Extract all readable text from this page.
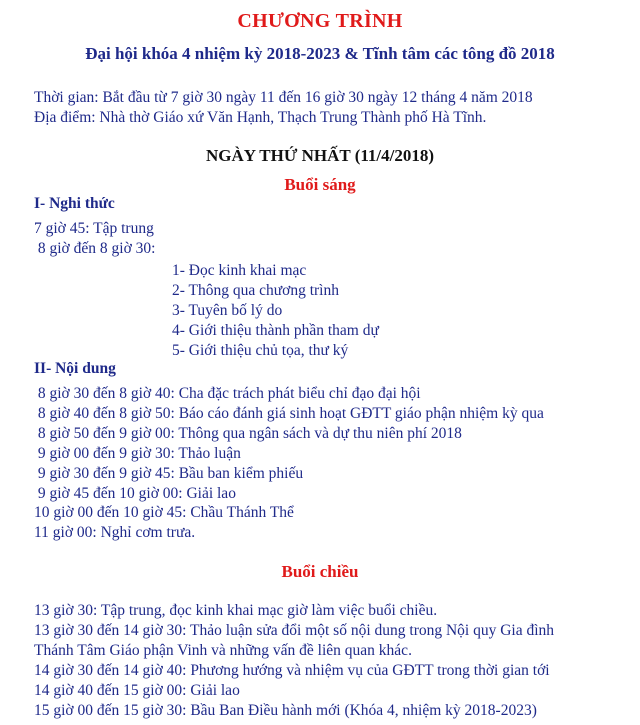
CHƯƠNG TRÌNH
Đại hội khóa 4 nhiệm kỳ 2018-2023 & Tĩnh tâm các tông đồ 2018
Thời gian: Bắt đầu từ 7 giờ 30 ngày 11 đến 16 giờ 30 ngày 12 tháng 4 năm 2018
Địa điểm: Nhà thờ Giáo xứ Văn Hạnh, Thạch Trung Thành phố Hà Tĩnh.
NGÀY THỨ NHẤT (11/4/2018)
Buổi sáng
I- Nghi thức
7 giờ 45: Tập trung
8 giờ đến 8 giờ 30:
1- Đọc kinh khai mạc
2- Thông qua chương trình
3- Tuyên bố lý do
4- Giới thiệu thành phần tham dự
5- Giới thiệu chủ tọa, thư ký
II- Nội dung
8 giờ 30 đến 8 giờ 40: Cha đặc trách phát biểu chỉ đạo đại hội
8 giờ 40 đến 8 giờ 50: Báo cáo đánh giá sinh hoạt GĐTT giáo phận nhiệm kỳ qua
8 giờ 50 đến 9 giờ 00: Thông qua ngân sách và dự thu niên phí 2018
9 giờ 00 đến 9 giờ 30: Thảo luận
9 giờ 30 đến 9 giờ 45: Bầu ban kiểm phiếu
9 giờ 45 đến 10 giờ 00: Giải lao
10 giờ 00 đến 10 giờ 45: Chầu Thánh Thể
11 giờ 00: Nghỉ cơm trưa.
Buổi chiều
13 giờ 30: Tập trung, đọc kinh khai mạc giờ làm việc buổi chiều.
13 giờ 30 đến 14 giờ 30: Thảo luận sửa đổi một số nội dung trong Nội quy Gia đình
Thánh Tâm Giáo phận Vinh và những vấn đề liên quan khác.
14 giờ 30 đến 14 giờ 40: Phương hướng và nhiệm vụ của GĐTT trong thời gian tới
14 giờ 40 đến 15 giờ 00: Giải lao
15 giờ 00 đến 15 giờ 30: Bầu Ban Điều hành mới (Khóa 4, nhiệm kỳ 2018-2023)
